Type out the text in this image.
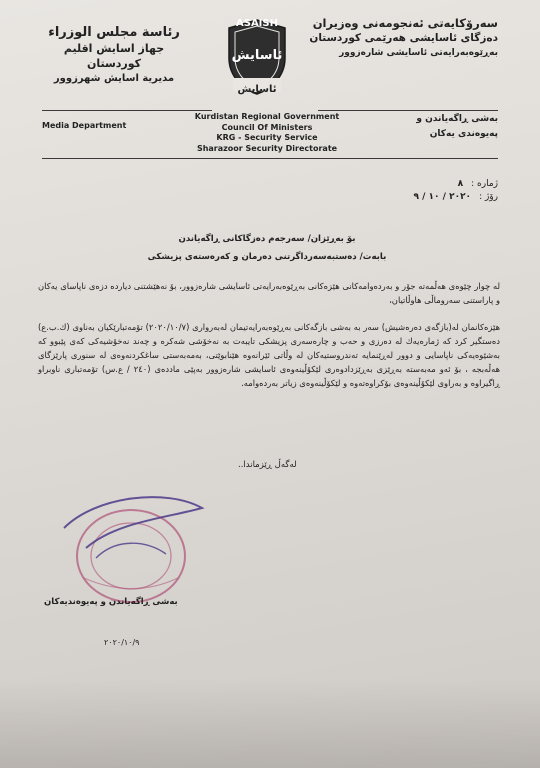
سەرۆکایەتی ئەنجومەنی وەزیران
دەزگای ئاسایشی هەرێمی کوردستان
بەڕێوەبەرایەتی ئاسایشی شارەزوور
رئاسة مجلس الوزراء
جهاز اسايش اقليم كوردستان
مديرية اسايش شهرزوور
ASAISH
ئاسایش
ئاسایش
Media Department
Kurdistan Regional Government
Council Of Ministers
KRG - Security Service
Sharazoor Security Directorate
بەشی ڕاگەیاندن و
پەیوەندی یەکان
ژمارە :٨
رۆژ :٢٠٢٠ / ١٠ / ٩
بۆ بەڕێزان/ سەرجەم دەزگاکانی ڕاگەیاندن
بابەت/ دەستبەسەرداگرتنی دەرمان و کەرەستەی پزیشکی
لە چوار چێوەی هەڵمەتە جۆر و بەردەوامەکانی هێزەکانی بەڕێوەبەرایەتی ئاسایشی شارەزوور، بۆ نەهێشتنی دیاردە دزەی ناپاسای یەکان و پاراستنی سەروماڵی هاوڵاتیان،
هێزەکانمان لە(بازگەی دەرەشیش) سەر بە بەشی بازگەکانی بەڕێوەبەرایەتیمان لەبەرواری (٢٠٢٠/١٠/٧) تۆمەتبارێکیان بەناوی (ك.ب.ع) دەستگیر کرد کە ژمارەیەك لە دەرزی و حەب و چارەسەری پزیشکی تایبەت بە نەخۆشی شەکرە و چەند نەخۆشیەکی کەی پێبوو کە بەشێوەیەکی ناپاسایی و دوور لەڕێنمایە تەندروستیەکان لە وڵاتی ئێرانەوە هێنابوێتی، بەمەبەستی ساغکردنەوەی لە سنوری پارێزگای هەڵەبجە ، بۆ ئەو مەبەستە بەڕێزی بەڕێزدادوەری لێکۆڵینەوەی ئاسایشی شارەزوور بەپێی ماددەی (٢٤٠ / ع.س) تۆمەتباری ناوبراو ڕاگیراوە و بەراوی لێکۆڵینەوەی بۆکراوەتەوە و لێکۆڵینەوەی زیاتر بەردەوامە.
لەگەڵ ڕێزماندا..
بەشی ڕاگەیاندن و پەیوەندیەکان
٢٠٢٠/١٠/٩
